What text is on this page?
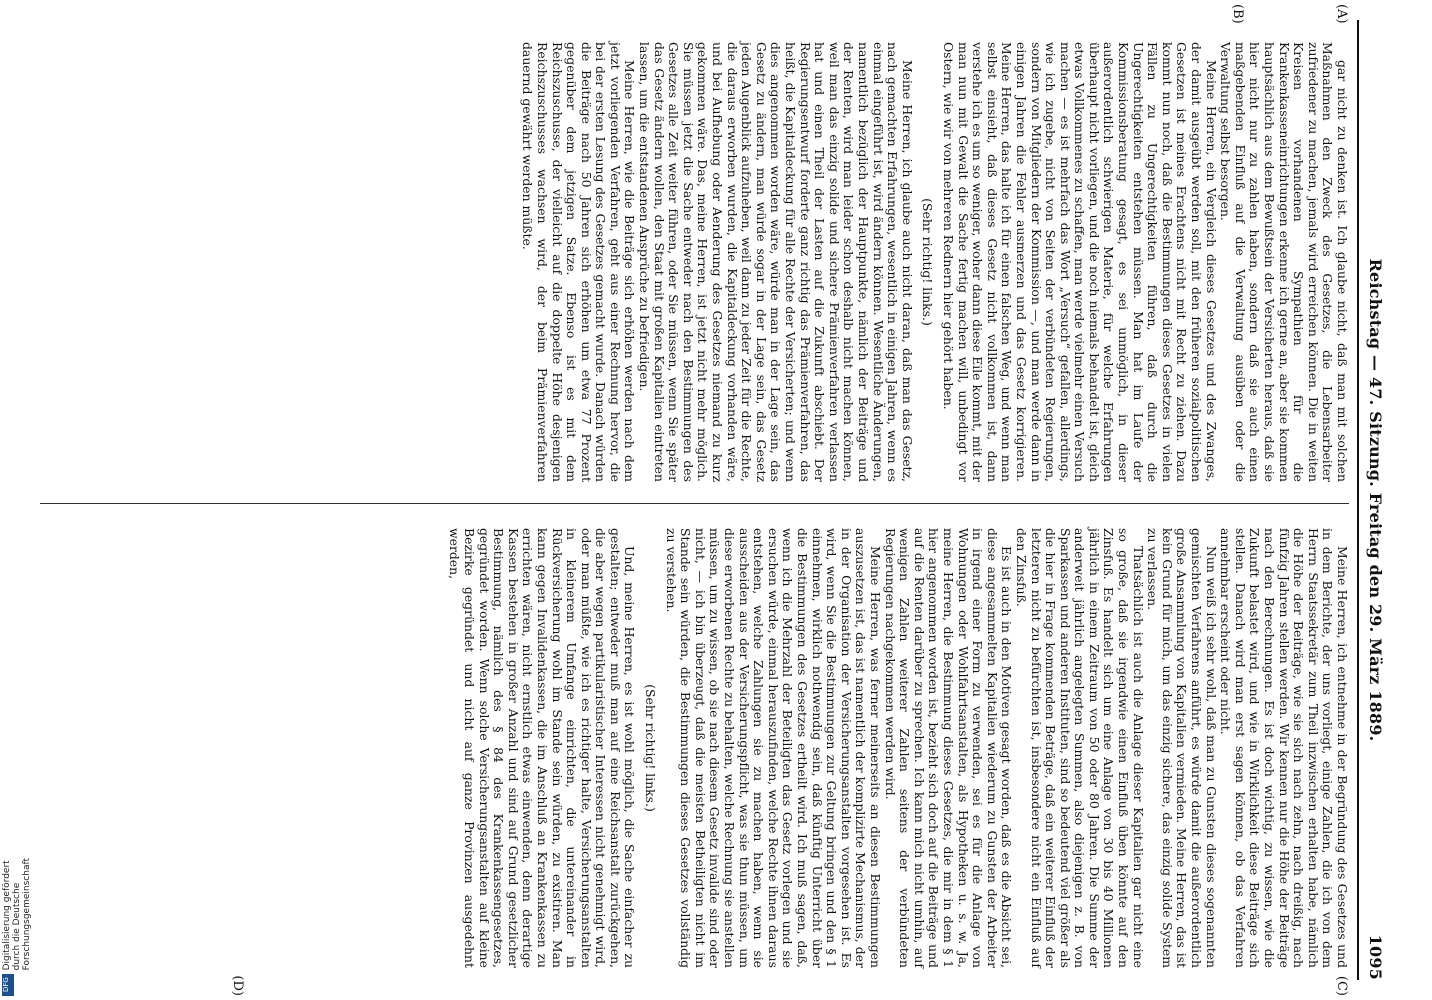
Reichstag — 47. Sitzung. Freitag den 29. März 1889.
1095
(A)
(B)
(C)
(D)

gar nicht zu denken ist. Ich glaube nicht, daß man mit solchen Maßnahmen den Zweck des Gesetzes, die Lebensarbeiter zufriedener zu machen, jemals wird erreichen können. Die in weiten Kreisen vorhandenen Sympathien für die Krankenkasseneinrichtungen erkenne ich gerne an, aber sie kommen hauptsächlich aus dem Bewußtsein der Versicherten heraus, daß sie hier nicht nur zu zahlen haben, sondern daß sie auch einen maßgebenden Einfluß auf die Verwaltung ausüben oder die Verwaltung selbst besorgen.

Meine Herren, ein Vergleich dieses Gesetzes und des Zwanges, der damit ausgeübt werden soll, mit den früheren sozialpolitischen Gesetzen ist meines Erachtens nicht mit Recht zu ziehen. Dazu kommt nun noch, daß die Bestimmungen dieses Gesetzes in vielen Fällen zu Ungerechtigkeiten führen, daß durch die Ungerechtigkeiten entstehen müssen. Man hat im Laufe der Kommissionsberatung gesagt, es sei unmöglich, in dieser außerordentlich schwierigen Materie, für welche Erfahrungen überhaupt nicht vorliegen, und die noch niemals behandelt ist, gleich etwas Vollkommenes zu schaffen, man werde vielmehr einen Versuch machen — es ist mehrfach das Wort „Versuch“ gefallen, allerdings, wie ich zugebe, nicht von Seiten der verbündeten Regierungen, sondern von Mitgliedern der Kommission —, und man werde dann in einigen Jahren die Fehler ausmerzen und das Gesetz korrigieren. Meine Herren, das halte ich für einen falschen Weg, und wenn man selbst einsieht, daß dieses Gesetz nicht vollkommen ist, dann verstehe ich es um so weniger, woher dann diese Eile kommt, mit der man nun mit Gewalt die Sache fertig machen will, unbedingt vor Ostern, wie wir von mehreren Rednern hier gehört haben.

(Sehr richtig! links.)

Meine Herren, ich glaube auch nicht daran, daß man das Gesetz, nach gemachten Erfahrungen, wesentlich in einigen Jahren, wenn es einmal eingeführt ist, wird ändern können. Wesentliche Änderungen, namentlich bezüglich der Hauptpunkte, nämlich der Beiträge und der Renten, wird man leider schon deshalb nicht machen können, weil man das einzig solide und sichere Prämienverfahren verlassen hat und einen Theil der Lasten auf die Zukunft abschiebt. Der Regierungsentwurf forderte ganz richtig das Prämienverfahren, das heißt, die Kapitaldeckung für alle Rechte der Versicherten; und wenn dies angenommen worden wäre, würde man in der Lage sein, das Gesetz zu ändern, man würde sogar in der Lage sein, das Gesetz jeden Augenblick aufzuheben, weil dann zu jeder Zeit für die Rechte, die daraus erworben wurden, die Kapitaldeckung vorhanden wäre, und bei Aufhebung oder Aenderung des Gesetzes niemand zu kurz gekommen wäre. Das, meine Herren, ist jetzt nicht mehr möglich. Sie müssen jetzt die Sache entweder nach den Bestimmungen des Gesetzes alle Zeit weiter führen, oder Sie müssen, wenn Sie später das Gesetz ändern wollen, den Staat mit großen Kapitalien eintreten lassen, um die entstandenen Ansprüche zu befriedigen.

Meine Herren, wie die Beiträge sich erhöhen werden nach dem jetzt vorliegenden Verfahren, geht aus einer Rechnung hervor, die bei der ersten Lesung des Gesetzes gemacht wurde. Danach würden die Beiträge nach 50 Jahren sich erhöhen um etwa 77 Prozent gegenüber dem jetzigen Satze. Ebenso ist es mit dem Reichszuschusse, der vielleicht auf die doppelte Höhe desjenigen Reichszuschusses wachsen wird, der beim Prämienverfahren dauernd gewährt werden müßte.

Meine Herren, ich entnehme in der Begründung des Gesetzes und in dem Berichte, der uns vorliegt, einige Zahlen, die ich von dem Herrn Staatssekretär zum Theil inzwischen erhalten habe, nämlich die Höhe der Beiträge, wie sie sich nach zehn, nach dreißig, nach fünfzig Jahren stellen werden. Wir kennen nur die Höhe der Beiträge nach den Berechnungen. Es ist doch wichtig, zu wissen, wie die Zukunft belastet wird, und wie in Wirklichkeit diese Beiträge sich stellen. Danach wird man erst sagen können, ob das Verfahren annehmbar erscheint oder nicht.

Nun weiß ich sehr wohl, daß man zu Gunsten dieses sogenannten gemischten Verfahrens anführt, es würde damit die außerordentlich große Ansammlung von Kapitalien vermieden. Meine Herren, das ist kein Grund für mich, um das einzig sichere, das einzig solide System zu verlassen.

Thatsächlich ist auch die Anlage dieser Kapitalien gar nicht eine so große, daß sie irgendwie einen Einfluß üben könnte auf den Zinsfuß. Es handelt sich um eine Anlage von 30 bis 40 Millionen jährlich in einem Zeitraum von 50 oder 80 Jahren. Die Summe der anderweit jährlich angelegten Summen, also diejenigen z. B. von Sparkassen und anderen Instituten, sind so bedeutend viel größer als die hier in Frage kommenden Beträge, daß ein weiterer Einfluß der letzteren nicht zu befürchten ist, insbesondere nicht ein Einfluß auf den Zinsfuß.

Es ist auch in den Motiven gesagt worden, daß es die Absicht sei, diese angesammelten Kapitalien wiederum zu Gunsten der Arbeiter in irgend einer Form zu verwenden, sei es für die Anlage von Wohnungen oder Wohlfahrtsanstalten, als Hypotheken u. s. w. Ja, meine Herren, die Bestimmung dieses Gesetzes, die mir in dem § 1 hier angenommen worden ist, bezieht sich doch auf die Beiträge und auf die Renten darüber zu sprechen. Ich kann mich nicht umhin, auf wenigen Zahlen weiterer Zahlen seitens der verbündeten Regierungen nachgekommen werden wird.

Meine Herren, was ferner meinerseits an diesen Bestimmungen auszusetzen ist, das ist namentlich der komplizirte Mechanismus, der in der Organisation der Versicherungsanstalten vorgesehen ist. Es wird, wenn Sie die Bestimmungen zur Geltung bringen und den § 1 einnehmen, wirklich nothwendig sein, daß künftig Unterricht über die Bestimmungen des Gesetzes ertheilt wird. Ich muß sagen, daß, wenn ich die Mehrzahl der Beteiligten das Gesetz vorlegen und sie ersuchen würde, einmal herauszufinden, welche Rechte ihnen daraus entstehen, welche Zahlungen sie zu machen haben, wenn sie ausscheiden aus der Versicherungspflicht, was sie thun müssen, um diese erworbenen Rechte zu behalten, welche Rechnung sie anstellen müssen, um zu wissen, ob sie nach diesem Gesetz invalide sind oder nicht, — ich bin überzeugt, daß die meisten Betheiligten nicht im Stande sein würden, die Bestimmungen dieses Gesetzes vollständig zu verstehen.

(Sehr richtig! links.)

Und, meine Herren, es ist wohl möglich, die Sache einfacher zu gestalten; entweder muß man auf eine Reichsanstalt zurückgehen, die aber wegen partikularistischer Interessen nicht genehmigt wird, oder man müßte, wie ich es richtiger halte, Versicherungsanstalten in kleinerem Umfange einrichten, die untereinander in Rückversicherung wohl im Stande sein würden, zu existiren. Man kann gegen Invalidenkassen, die im Anschluß an Krankenkassen zu errichten wären, nicht ernstlich etwas einwenden, denn derartige Kassen bestehen in großer Anzahl und sind auf Grund gesetzlicher Bestimmung, nämlich des § 84 des Krankenkassengesetzes, gegründet worden. Wenn solche Versicherungsanstalten auf kleine Bezirke gegründet und nicht auf ganze Provinzen ausgedehnt werden,

Digitalisierung gefördert durch die Deutsche Forschungsgemeinschaft
DFG
